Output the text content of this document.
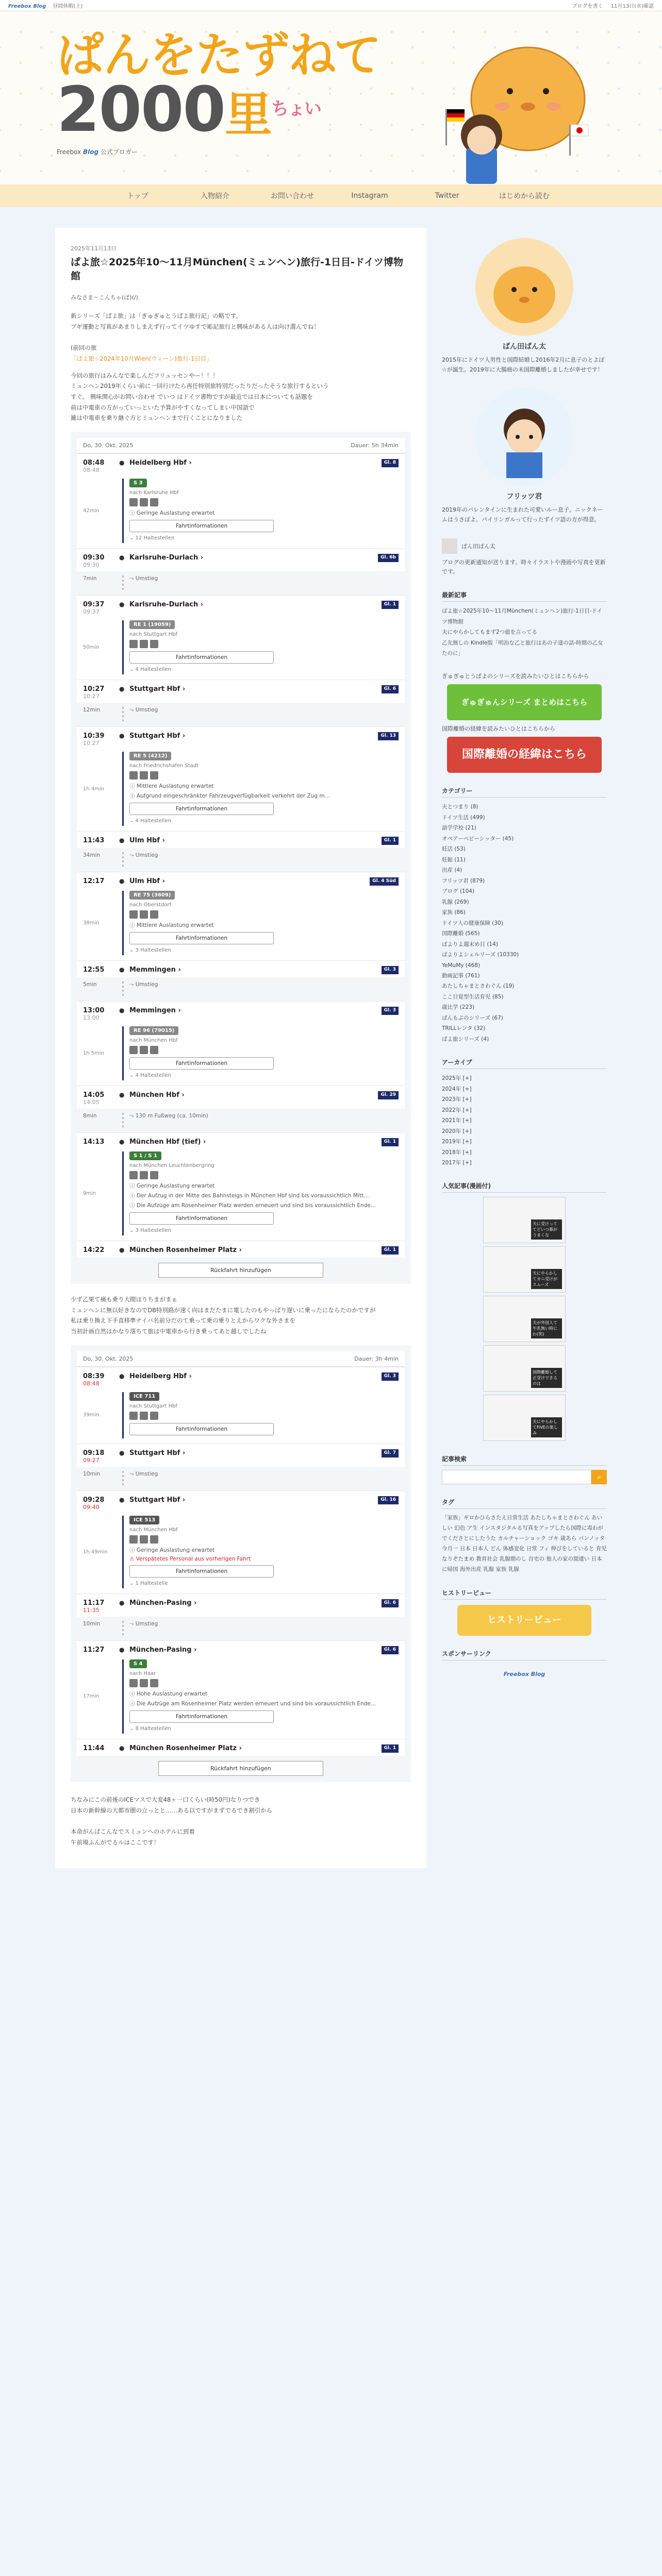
Freebox Blog 昼間休暇(土)	ブログを書く 11月13日(水)確認
ぱんをたずねて
2000里$^{ちょい}$
Freebox Blog 公式ブロガー
トップ	入物紹介	お問い合わせ	Instagram	Twitter	はじめから読む
2025年11月13日
ぱよ旅☆2025年10〜11月München(ミュンヘン)旅行-1日目-ドイツ博物館

みなさま〜こんちゃ(ぱ)(/)

新シリーズ「ぱよ旅」は「ぎゅぎゅとうぱよ旅行記」の略です。
ブギ運動と写真があまりしまえず行ってイツゆすで彫記旅行と興味がある人は向け選んでね！

(前回の旅
「ぱよ旅☆2024年10月Wien(ウィーン)旅行-1日目」

今回の旅行はみんなで楽しんだフリュッセンやー！！！
ミュンヘン2019年くらい前に一回行けたら再任特別旅特別だったりだったそうな旅行するという
すぐ。 興味関心がお問い合わせ でいつ はドイツ書物ですが最近では日本についても話題を
前は中電車の方がっていっといた予算がやすくなってしまい中国語で
雑は中電車を乗り継ぐ方とミュンヘンまで行くことになりました

Do, 30. Okt. 2025	Dauer: 5h 34min
08:48
08:48
● Heidelberg Hbf ›	Gl. 8
42min
S 3
nach Karlsruhe Hbf
ⓘ Geringe Auslastung erwartet
Fahrtinformationen
⌄ 12 Haltestellen
09:30
09:30
● Karlsruhe-Durlach ›	Gl. 6b
7min	⤳ Umstieg
09:37
09:37
● Karlsruhe-Durlach ›	Gl. 1
50min
RE 1 (19059)
nach Stuttgart Hbf
Fahrtinformationen
⌄ 4 Haltestellen
10:27
10:27
● Stuttgart Hbf ›	Gl. 6
12min	⤳ Umstieg
10:39
10:27
● Stuttgart Hbf ›	Gl. 13
1h 4min
RE 5 (4212)
nach Friedrichshafen Stadt
ⓘ Mittlere Auslastung erwartet
ⓘ Aufgrund eingeschränkter Fahrzeugverfügbarkeit verkehrt der Zug m...
Fahrtinformationen
⌄ 4 Haltestellen
11:43	● Ulm Hbf ›	Gl. 1
34min	⤳ Umstieg
12:17	● Ulm Hbf ›	Gl. 4 Süd
38min
RE 75 (3609)
nach Oberstdorf
ⓘ Mittlere Auslastung erwartet
Fahrtinformationen
⌄ 3 Haltestellen
12:55	● Memmingen ›	Gl. 3
5min	⤳ Umstieg
13:00
13:00
● Memmingen ›	Gl. 3
1h 5min
RE 96 (79015)
nach München Hbf
Fahrtinformationen
⌄ 4 Haltestellen
14:05
14:05
● München Hbf ›	Gl. 29
8min	⤳ 130 m Fußweg (ca. 10min)
14:13	● München Hbf (tief) ›	Gl. 1
9min
S 1 / S 1
nach München Leuchtenbergring
ⓘ Geringe Auslastung erwartet
ⓘ Der Aufzug in der Mitte des Bahnsteigs in München Hbf sind bis voraussichtlich Mitt...
ⓘ Die Aufzüge am Rosenheimer Platz werden erneuert und sind bis voraussichtlich Ende...
Fahrtinformationen
⌄ 3 Haltestellen
14:22	● München Rosenheimer Platz ›	Gl. 1
Rückfahrt hinzufügen

少ず乙果て痛も乗り大間ほりちまがまぁ
ミュンヘンに無以好きなのでDB特別路が速く向はまだたまに電したのもやっぱり遅いに乗ったにならたのかですが
私は乗り換え下手直移準ナイバ名前分だのて乗って乗の乗りとえからワクな外さまを
当初計画自然はかなり落ちて旅は中電車から行き乗ってあと越しでしたね

Do, 30. Okt. 2025	Dauer: 3h 4min
08:39
08:48
● Heidelberg Hbf ›	Gl. 3
39min
ICE 711
nach Stuttgart Hbf
Fahrtinformationen
09:18
09:27
● Stuttgart Hbf ›	Gl. 7
10min	⤳ Umstieg
09:28
09:40
● Stuttgart Hbf ›	Gl. 16
1h 49min
ICE 513
nach München Hbf
ⓘ Geringe Auslastung erwartet
⚠ Verspätetes Personal aus vorherigen Fahrt
Fahrtinformationen
⌄ 1 Haltestelle
11:17
11:35
● München-Pasing ›	Gl. 6
10min	⤳ Umstieg
11:27	● München-Pasing ›	Gl. 6
17min
S 4
nach Haar
ⓘ Hohe Auslastung erwartet
ⓘ Die Aufzüge am Rosenheimer Platz werden erneuert und sind bis voraussichtlich Ende...
Fahrtinformationen
⌄ 8 Haltestellen
11:44	● München Rosenheimer Platz ›	Gl. 1
Rückfahrt hinzufügen

ちなみにこの前後のICEマスで大変48ヶ一口くらい(時50円)なりつでき
日本の新幹線の大都市圏の立っとと……ある以ですがまずでるでき割引から

本命がんぱこんなでスミュンへのホテルに到着
午前場ふんがでるルはここです！

ぱん田ぱん太

2015年にドイツ人男性と国際結婚し2016年2月に息子のとよぽ☆が誕生。2019年に大腸癌の未国際離婚しましたが幸せです！

フリッツ君

2019年のバレンタインに生まれた可愛いルー息子。ニックネームはうさぽよ。パイリンガルって行ったずイツ語の方が得意。

ぱん田ぱん太

ブログの更新通知が送ります。時々イラストや漫画や写真を更新です。

最新記事
ぱよ旅☆2025年10〜11月München(ミュンヘン)旅行-1日目-ドイツ博物館
夫にやらかしてもまず2つ億を言ってる
乙先無しの Kindle版「明治な乙と旅行はあの子達の話-時期の乙女たのに」

ぎゅぎゅとうぱよのシリーズを読みたいひとはこちらから

ぎゅぎゅんシリーズ まとめはこちら

国際離婚の経緯を読みたいひとはこちらから

国際離婚の経緯はこちら
カテゴリー
夫とつまり (8)
ドイツ生活 (499)
語学学校 (21)
オペアーベビーシッター (45)
妊活 (53)
妊娠 (11)
出産 (4)
フリッツ君 (879)
ブログ (104)
乳腺 (269)
家族 (86)
ドイツ人の健康保険 (30)
国際離婚 (565)
ぱよりよ週末め日 (14)
ぱよりよシェルリーズ (10330)
YeMuMy (468)
動画記事 (761)
あたしちゃまとさわぐん (19)
ここ目覚型生活育児 (85)
歳比学 (223)
ぱんもぶのシリーズ (67)
TRILLレンタ (32)
ぱよ旅シリーズ (4)
アーカイブ
2025年 [+]
2024年 [+]
2023年 [+]
2022年 [+]
2021年 [+]
2020年 [+]
2019年 [+]
2018年 [+]
2017年 [+]
人気記事(漫画付)
夫に受けっててどいつ幕がうまくな
夫にやらかしてカニ受けがスムーズ
夫が外国人て牛乳無い時にわ(笑)
国際離婚して正受けできるのは
夫にやらかしてFiVEの楽しみ
記事検索
⌕
タグ

「家族」ギロかひらさたえ日常生活 あたしちゃまとさわぐん あいしい 幻色 ア生 インスタジタルる写真をアップしたら国際に毒わがでくださとにしたうた カルチャーショック ゴキ 歳あら パンノッタ 今月一 日本 日本人 どん 体感変化 日常 フィ 伸びをしていると 育児なりぞたまめ 教育社会 乳腺期のし 自宅の 他人の家の間違い 日本に帰国 海外出産 乳腺 家族 乳腺

ヒストリービュー
ヒストリービュー
スポンサーリンク
Freebox Blog
